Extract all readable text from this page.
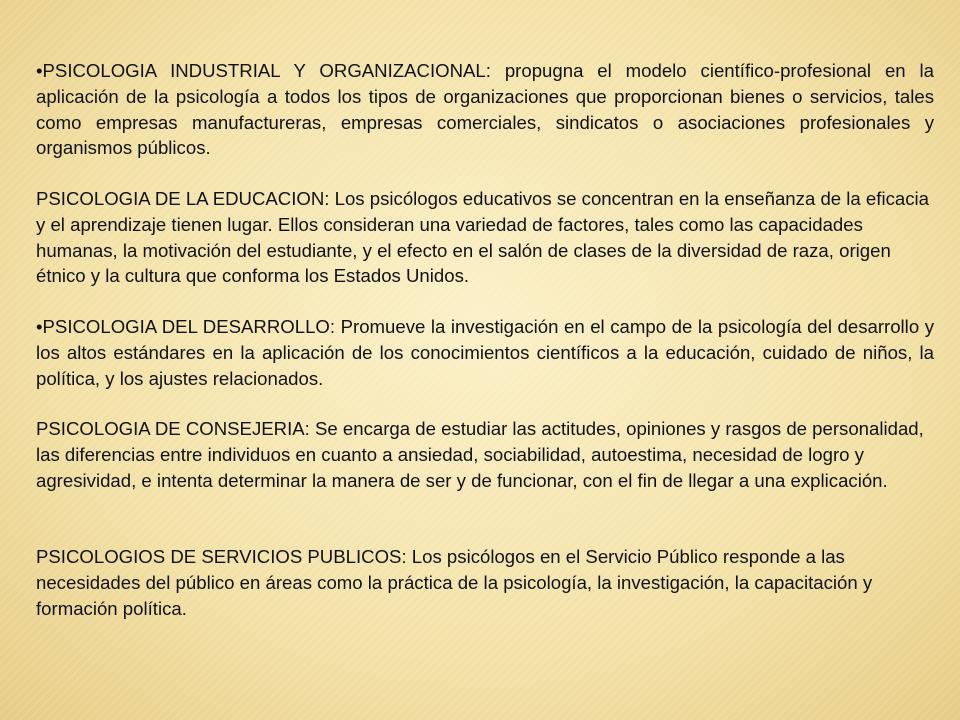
•PSICOLOGIA INDUSTRIAL Y ORGANIZACIONAL: propugna el modelo científico-profesional en la aplicación de la psicología a todos los tipos de organizaciones que proporcionan bienes o servicios, tales como empresas manufactureras, empresas comerciales, sindicatos o asociaciones profesionales y organismos públicos.

PSICOLOGIA DE LA EDUCACION: Los psicólogos educativos se concentran en la enseñanza de la eficacia y el aprendizaje tienen lugar. Ellos consideran una variedad de factores, tales como las capacidades humanas, la motivación del estudiante, y el efecto en el salón de clases de la diversidad de raza, origen étnico y la cultura que conforma los Estados Unidos.

•PSICOLOGIA DEL DESARROLLO: Promueve la investigación en el campo de la psicología del desarrollo y los altos estándares en la aplicación de los conocimientos científicos a la educación, cuidado de niños, la política, y los ajustes relacionados.

PSICOLOGIA DE CONSEJERIA: Se encarga de estudiar las actitudes, opiniones y rasgos de personalidad, las diferencias entre individuos en cuanto a ansiedad, sociabilidad, autoestima, necesidad de logro y agresividad, e intenta determinar la manera de ser y de funcionar, con el fin de llegar a una explicación.

PSICOLOGIOS DE SERVICIOS PUBLICOS: Los psicólogos en el Servicio Público responde a las necesidades del público en áreas como la práctica de la psicología, la investigación, la capacitación y formación política.
